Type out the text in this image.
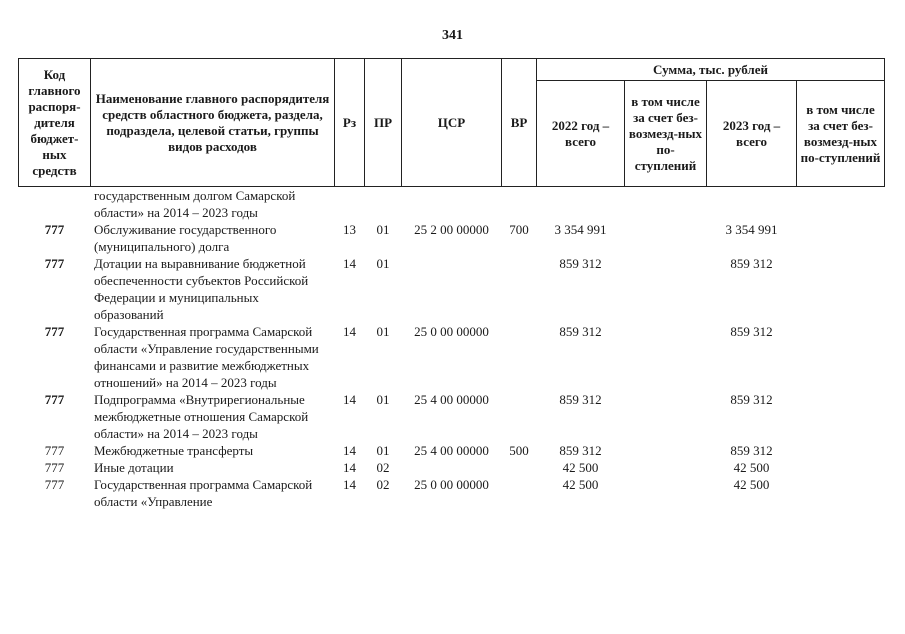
341
Код главного распоря-дителя бюджет-ных средств	Наименование главного распорядителя средств областного бюджета, раздела, подраздела, целевой статьи, группы видов расходов	Рз	ПР	ЦСР	ВР	Сумма, тыс. рублей			
						2022 год – всего	в том числе за счет без-возмезд-ных по-ступлений	2023 год – всего	в том числе за счет без-возмезд-ных по-ступлений
	государственным долгом Самарской области» на 2014 – 2023 годы								
777	Обслуживание государственного (муниципального) долга	13	01	25 2 00 00000	700	3 354 991		3 354 991	
777	Дотации на выравнивание бюджетной обеспеченности субъектов Российской Федерации и муниципальных образований	14	01			859 312		859 312	
777	Государственная программа Самарской области «Управление государственными финансами и развитие межбюджетных отношений» на 2014 – 2023 годы	14	01	25 0 00 00000		859 312		859 312	
777	Подпрограмма «Внутрирегиональные межбюджетные отношения Самарской области» на 2014 – 2023 годы	14	01	25 4 00 00000		859 312		859 312	
777	Межбюджетные трансферты	14	01	25 4 00 00000	500	859 312		859 312	
777	Иные дотации	14	02			42 500		42 500	
777	Государственная программа Самарской области «Управление	14	02	25 0 00 00000		42 500		42 500	
